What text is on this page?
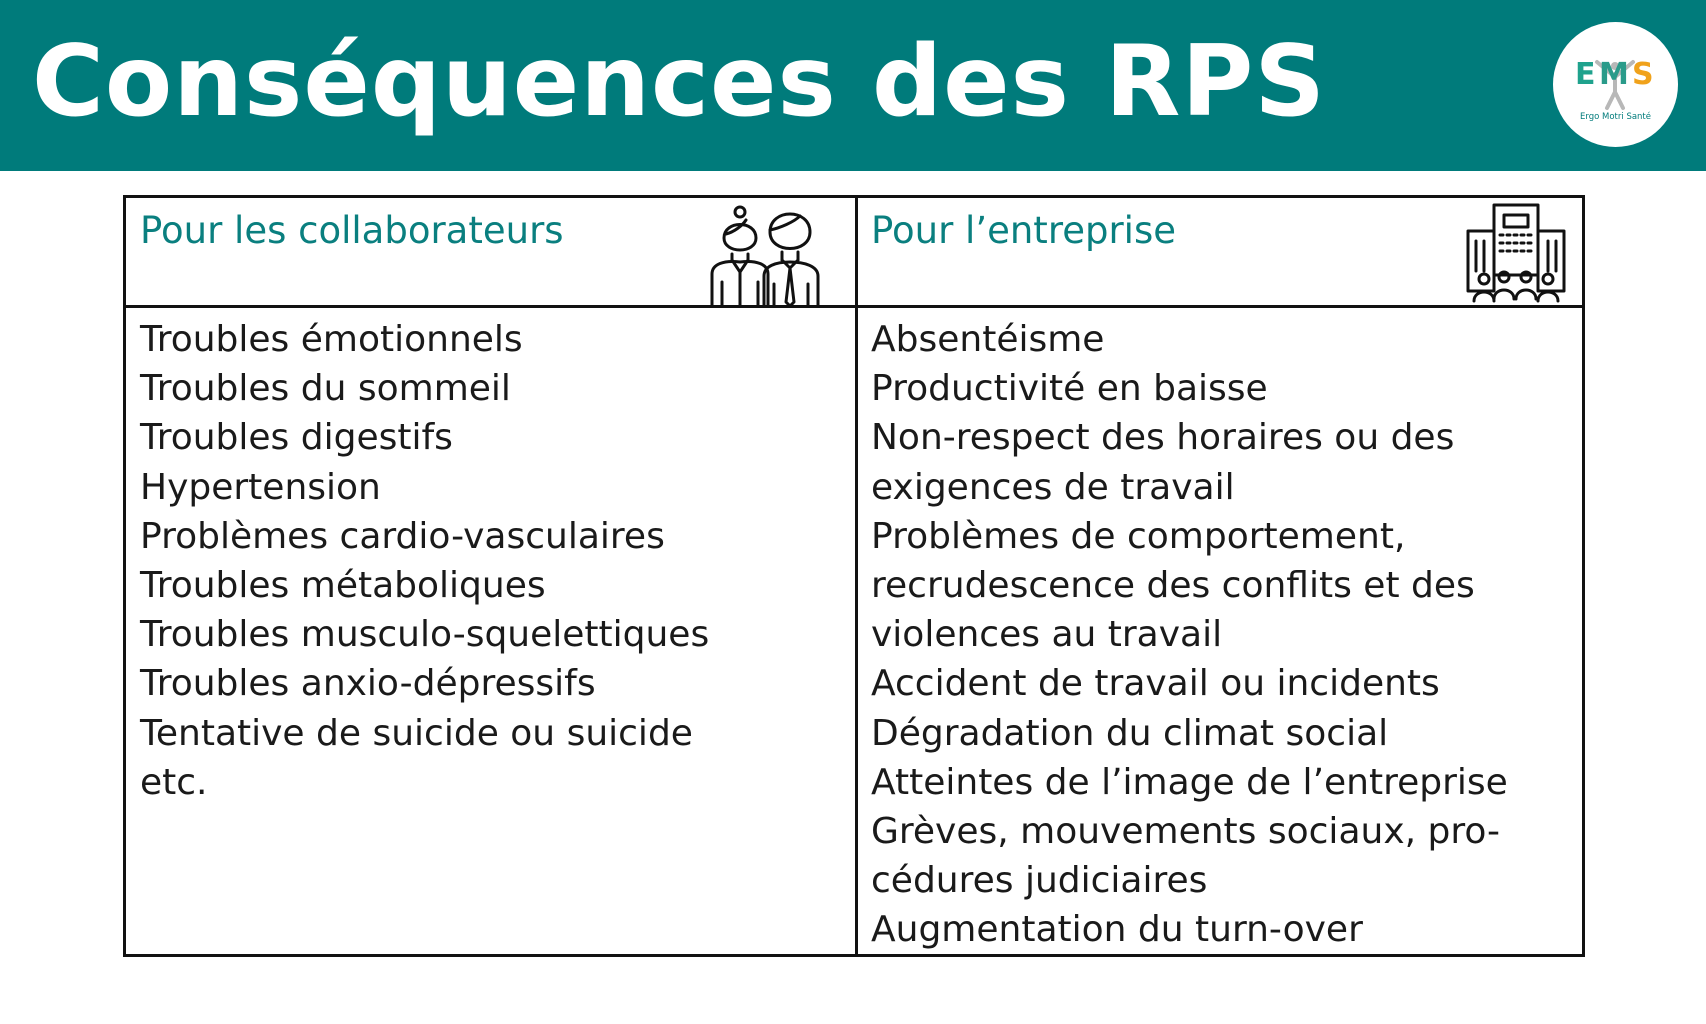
Conséquences des RPS	E M S
Ergo Motri Santé
Pour les collaborateurs	Pour l’entreprise
Troubles émotionnels
Troubles du sommeil
Troubles digestifs
Hypertension
Problèmes cardio-vasculaires
Troubles métaboliques
Troubles musculo-squelettiques
Troubles anxio-dépressifs
Tentative de suicide ou suicide
etc.
Absentéisme
Productivité en baisse
Non-respect des horaires ou des
exigences de travail
Problèmes de comportement,
recrudescence des conflits et des
violences au travail
Accident de travail ou incidents
Dégradation du climat social
Atteintes de l’image de l’entreprise
Grèves, mouvements sociaux, pro-
cédures judiciaires
Augmentation du turn-over
